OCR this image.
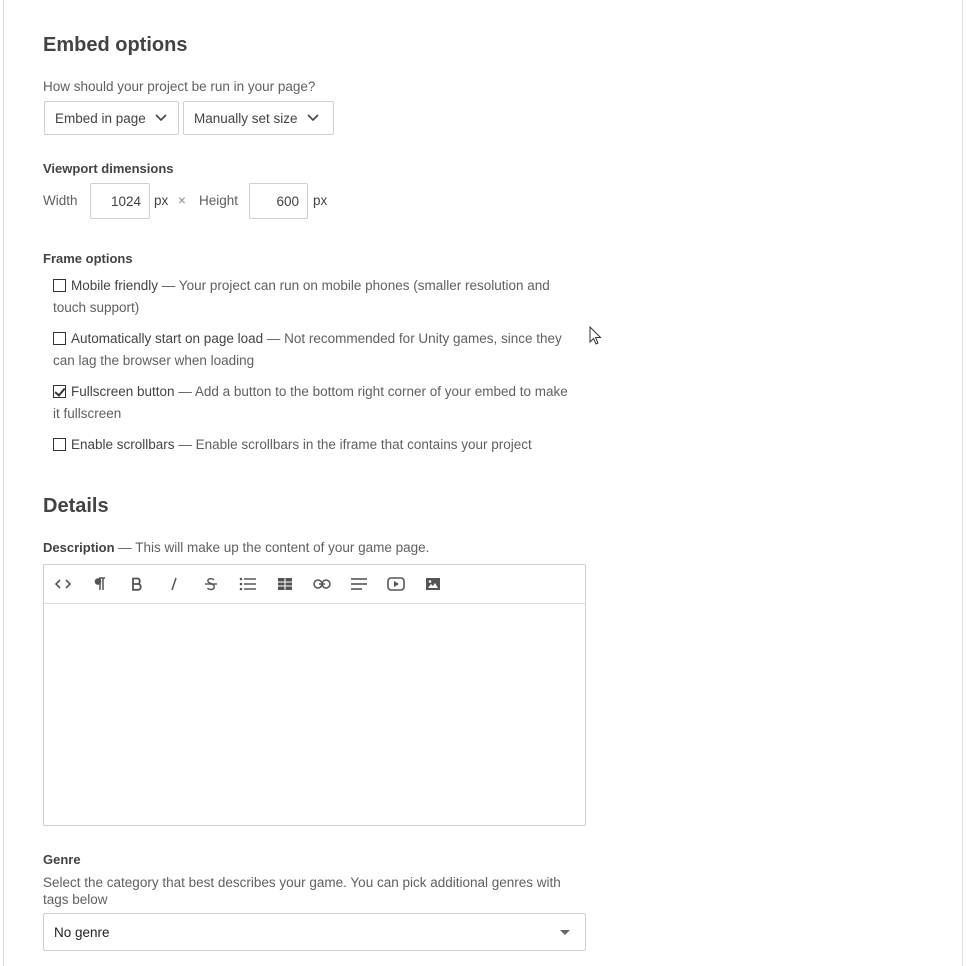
Embed options
How should your project be run in your page?
Embed in page	Manually set size
Viewport dimensions
Width
1024	px × Height
600	px
Frame options
Mobile friendly — Your project can run on mobile phones (smaller resolution and touch support)
Automatically start on page load — Not recommended for Unity games, since they can lag the browser when loading
Fullscreen button — Add a button to the bottom right corner of your embed to make it fullscreen
Enable scrollbars — Enable scrollbars in the iframe that contains your project
Details
Description — This will make up the content of your game page.
Genre
Select the category that best describes your game. You can pick additional genres with tags below
No genre
